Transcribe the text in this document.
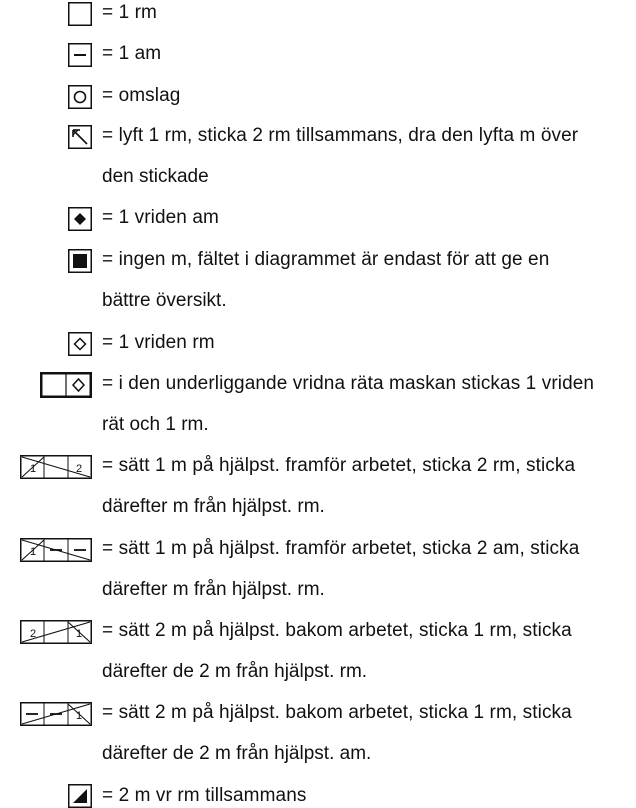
= 1 rm
= 1 am
= omslag
= lyft 1 rm, sticka 2 rm tillsammans, dra den lyfta m över
den stickade
= 1 vriden am
= ingen m, fältet i diagrammet är endast för att ge en
bättre översikt.
= 1 vriden rm
= i den underliggande vridna räta maskan stickas 1 vriden
rät och 1 rm.
1	2 = sätt 1 m på hjälpst. framför arbetet, sticka 2 rm, sticka
därefter m från hjälpst. rm.
1	= sätt 1 m på hjälpst. framför arbetet, sticka 2 am, sticka
därefter m från hjälpst. rm.
2	1 = sätt 2 m på hjälpst. bakom arbetet, sticka 1 rm, sticka
därefter de 2 m från hjälpst. rm.
1 = sätt 2 m på hjälpst. bakom arbetet, sticka 1 rm, sticka
därefter de 2 m från hjälpst. am.
= 2 m vr rm tillsammans
